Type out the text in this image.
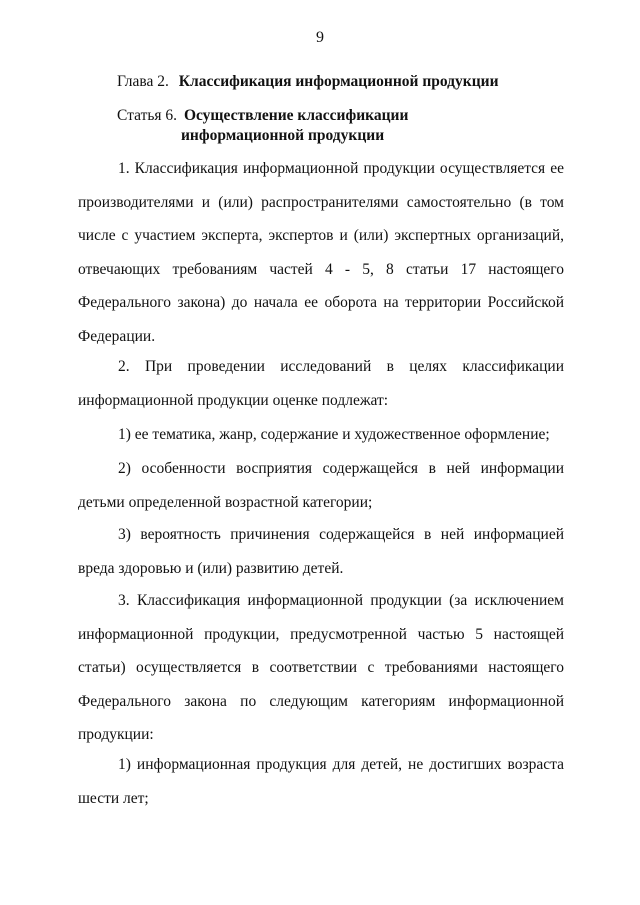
9
Глава 2. Классификация информационной продукции
Статья 6. Осуществление классификации
информационной продукции

1. Классификация информационной продукции осуществляется ее производителями и (или) распространителями самостоятельно (в том числе с участием эксперта, экспертов и (или) экспертных организаций, отвечающих требованиям частей 4 - 5, 8 статьи 17 настоящего Федерального закона) до начала ее оборота на территории Российской Федерации.

2. При проведении исследований в целях классификации информационной продукции оценке подлежат:

1) ее тематика, жанр, содержание и художественное оформление;

2) особенности восприятия содержащейся в ней информации детьми определенной возрастной категории;

3) вероятность причинения содержащейся в ней информацией вреда здоровью и (или) развитию детей.

3. Классификация информационной продукции (за исключением информационной продукции, предусмотренной частью 5 настоящей статьи) осуществляется в соответствии с требованиями настоящего Федерального закона по следующим категориям информационной продукции:

1) информационная продукция для детей, не достигших возраста шести лет;
